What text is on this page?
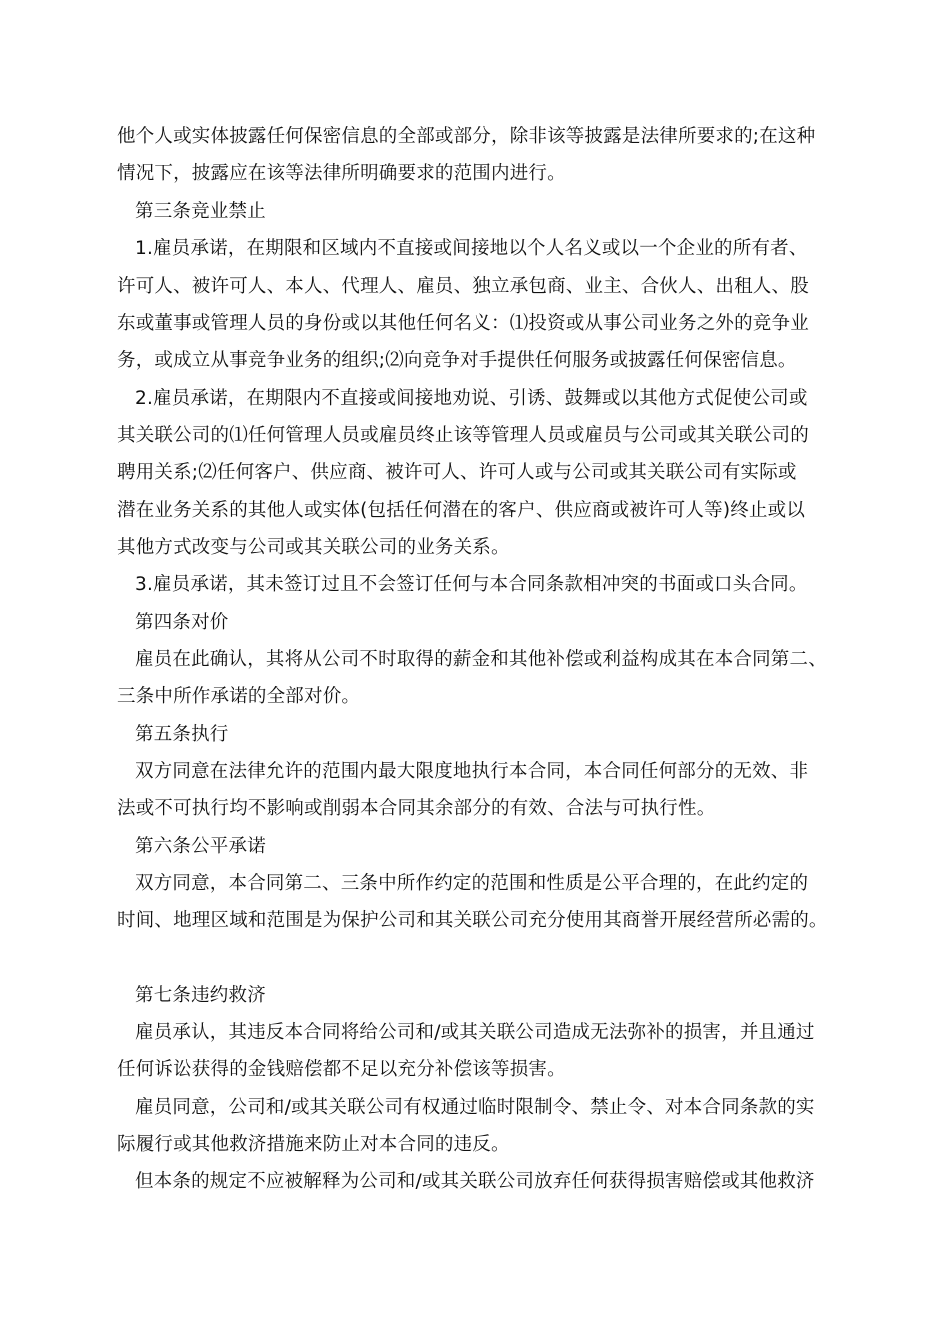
他个人或实体披露任何保密信息的全部或部分，除非该等披露是法律所要求的;在这种
情况下，披露应在该等法律所明确要求的范围内进行。
第三条竞业禁止
1.雇员承诺，在期限和区域内不直接或间接地以个人名义或以一个企业的所有者、
许可人、被许可人、本人、代理人、雇员、独立承包商、业主、合伙人、出租人、股
东或董事或管理人员的身份或以其他任何名义：⑴投资或从事公司业务之外的竞争业
务，或成立从事竞争业务的组织;⑵向竞争对手提供任何服务或披露任何保密信息。
2.雇员承诺，在期限内不直接或间接地劝说、引诱、鼓舞或以其他方式促使公司或
其关联公司的⑴任何管理人员或雇员终止该等管理人员或雇员与公司或其关联公司的
聘用关系;⑵任何客户、供应商、被许可人、许可人或与公司或其关联公司有实际或
潜在业务关系的其他人或实体(包括任何潜在的客户、供应商或被许可人等)终止或以
其他方式改变与公司或其关联公司的业务关系。
3.雇员承诺，其未签订过且不会签订任何与本合同条款相冲突的书面或口头合同。
第四条对价
雇员在此确认，其将从公司不时取得的薪金和其他补偿或利益构成其在本合同第二、
三条中所作承诺的全部对价。
第五条执行
双方同意在法律允许的范围内最大限度地执行本合同，本合同任何部分的无效、非
法或不可执行均不影响或削弱本合同其余部分的有效、合法与可执行性。
第六条公平承诺
双方同意，本合同第二、三条中所作约定的范围和性质是公平合理的，在此约定的
时间、地理区域和范围是为保护公司和其关联公司充分使用其商誉开展经营所必需的。
第七条违约救济
雇员承认，其违反本合同将给公司和/或其关联公司造成无法弥补的损害，并且通过
任何诉讼获得的金钱赔偿都不足以充分补偿该等损害。
雇员同意，公司和/或其关联公司有权通过临时限制令、禁止令、对本合同条款的实
际履行或其他救济措施来防止对本合同的违反。
但本条的规定不应被解释为公司和/或其关联公司放弃任何获得损害赔偿或其他救济
